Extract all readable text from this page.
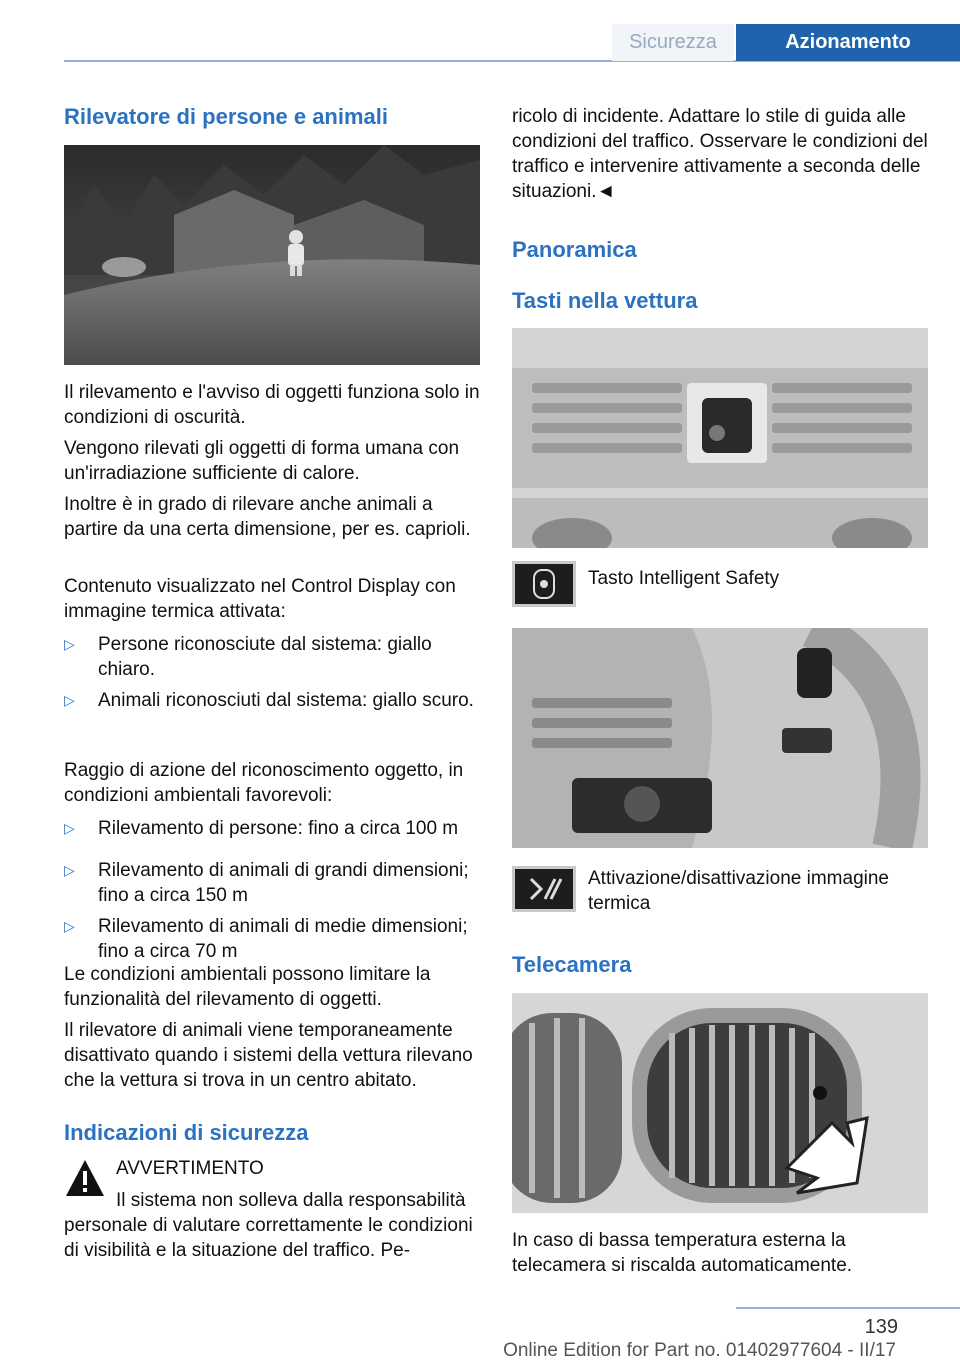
Sicurezza	Azionamento
Rilevatore di persone e animali

Il rilevamento e l'avviso di oggetti funziona solo in condizioni di oscurità.

Vengono rilevati gli oggetti di forma umana con un'irradiazione sufficiente di calore.

Inoltre è in grado di rilevare anche animali a partire da una certa dimensione, per es. caprioli.

Contenuto visualizzato nel Control Display con immagine termica attivata:

▷ Persone riconosciute dal sistema: giallo chiaro.
▷ Animali riconosciuti dal sistema: giallo scuro.

Raggio di azione del riconoscimento oggetto, in condizioni ambientali favorevoli:

▷ Rilevamento di persone: fino a circa 100 m
▷ Rilevamento di animali di grandi dimensioni; fino a circa 150 m
▷ Rilevamento di animali di medie dimensioni; fino a circa 70 m

Le condizioni ambientali possono limitare la funzionalità del rilevamento di oggetti.

Il rilevatore di animali viene temporaneamente disattivato quando i sistemi della vettura rilevano che la vettura si trova in un centro abitato.

Indicazioni di sicurezza

AVVERTIMENTO

Il sistema non solleva dalla responsabilità personale di valutare correttamente le condizioni di visibilità e la situazione del traffico. Pe-

ricolo di incidente. Adattare lo stile di guida alle condizioni del traffico. Osservare le condizioni del traffico e intervenire attivamente a seconda delle situazioni.◄

Panoramica
Tasti nella vettura

Tasto Intelligent Safety

Attivazione/disattivazione immagine termica

Telecamera

In caso di bassa temperatura esterna la telecamera si riscalda automaticamente.

139
Online Edition for Part no. 01402977604 - II/17
